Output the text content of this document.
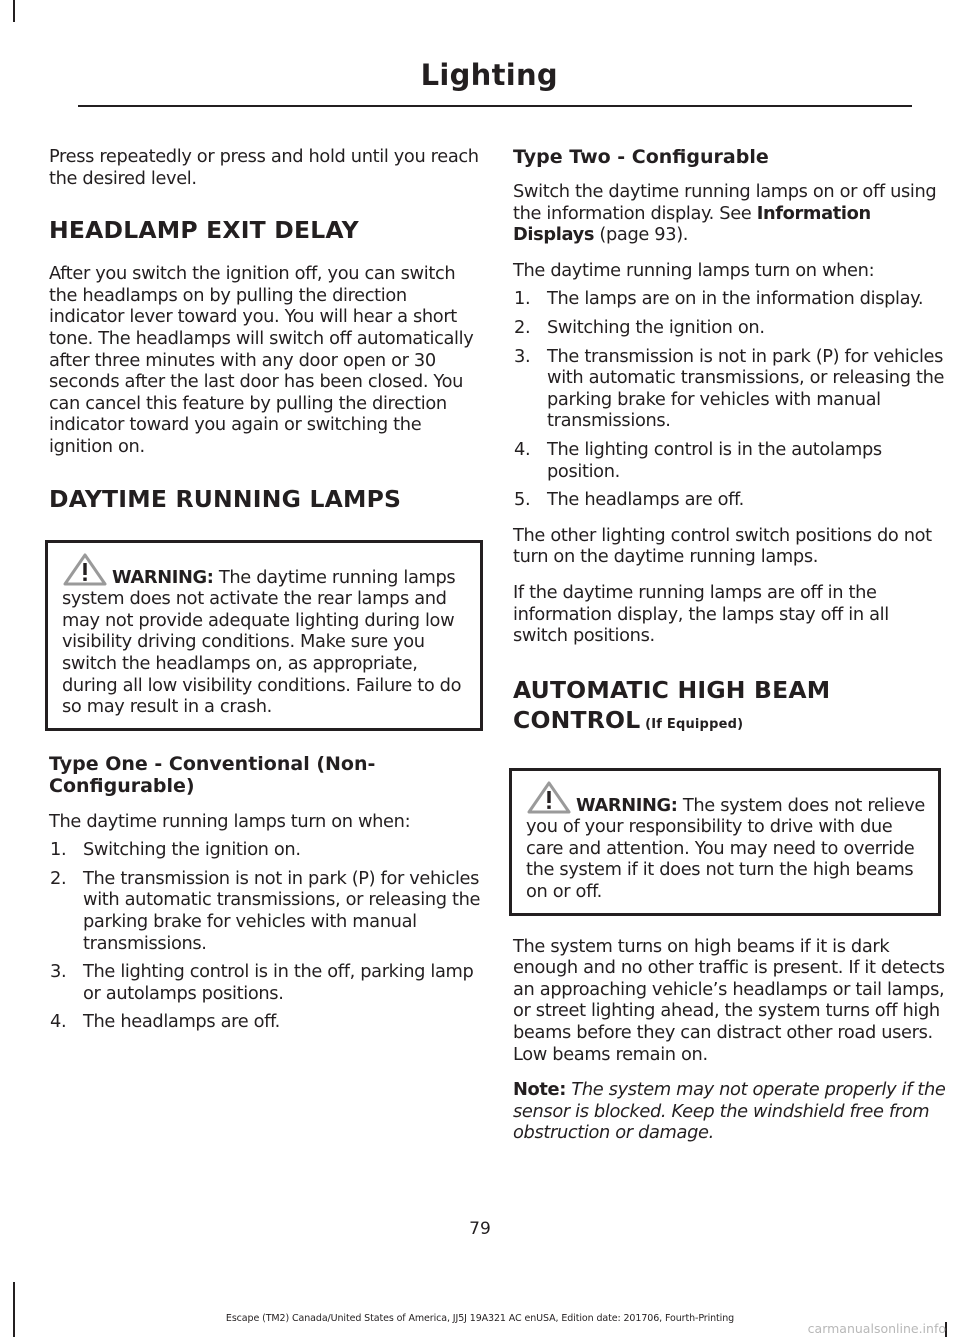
Lighting

Press repeatedly or press and hold until you reach the desired level.

HEADLAMP EXIT DELAY

After you switch the ignition off, you can switch the headlamps on by pulling the direction indicator lever toward you. You will hear a short tone. The headlamps will switch off automatically after three minutes with any door open or 30 seconds after the last door has been closed. You can cancel this feature by pulling the direction indicator toward you again or switching the ignition on.

DAYTIME RUNNING LAMPS

WARNING: The daytime running lamps system does not activate the rear lamps and may not provide adequate lighting during low visibility driving conditions. Make sure you switch the headlamps on, as appropriate, during all low visibility conditions. Failure to do so may result in a crash.

Type One - Conventional (Non-Configurable)

The daytime running lamps turn on when:

1. Switching the ignition on.
2. The transmission is not in park (P) for vehicles with automatic transmissions, or releasing the parking brake for vehicles with manual transmissions.
3. The lighting control is in the off, parking lamp or autolamps positions.
4. The headlamps are off.
Type Two - Configurable

Switch the daytime running lamps on or off using the information display. See Information Displays (page 93).

The daytime running lamps turn on when:

1. The lamps are on in the information display.
2. Switching the ignition on.
3. The transmission is not in park (P) for vehicles with automatic transmissions, or releasing the parking brake for vehicles with manual transmissions.
4. The lighting control is in the autolamps position.
5. The headlamps are off.

The other lighting control switch positions do not turn on the daytime running lamps.

If the daytime running lamps are off in the information display, the lamps stay off in all switch positions.

AUTOMATIC HIGH BEAM
CONTROL (If Equipped)

WARNING: The system does not relieve you of your responsibility to drive with due care and attention. You may need to override the system if it does not turn the high beams on or off.

The system turns on high beams if it is dark enough and no other traffic is present. If it detects an approaching vehicle’s headlamps or tail lamps, or street lighting ahead, the system turns off high beams before they can distract other road users. Low beams remain on.

Note: The system may not operate properly if the sensor is blocked. Keep the windshield free from obstruction or damage.

79
Escape (TM2) Canada/United States of America, JJ5J 19A321 AC enUSA, Edition date: 201706, Fourth-Printing
carmanualsonline.info
